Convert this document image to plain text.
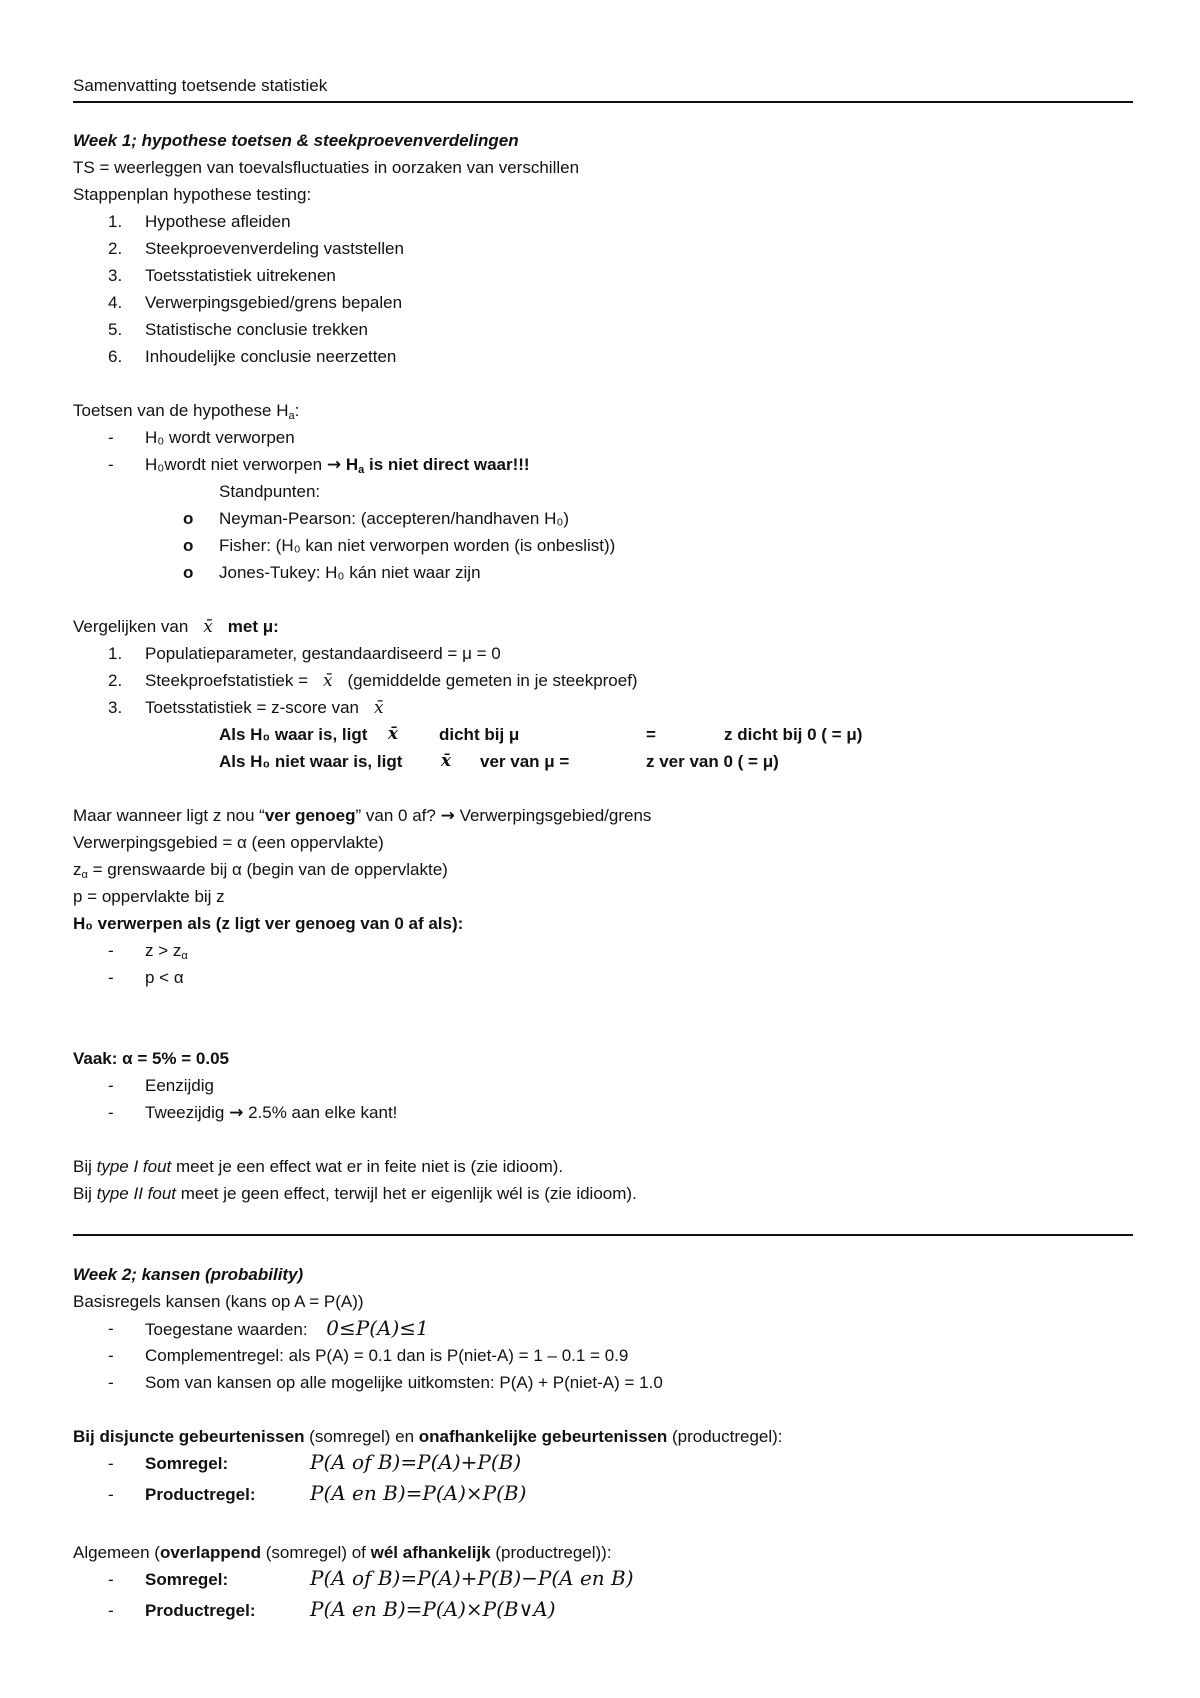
Samenvatting toetsende statistiek
Week 1; hypothese toetsen & steekproevenverdelingen
TS = weerleggen van toevalsfluctuaties in oorzaken van verschillen
Stappenplan hypothese testing:
1.	Hypothese afleiden
2.	Steekproevenverdeling vaststellen
3.	Toetsstatistiek uitrekenen
4.	Verwerpingsgebied/grens bepalen
5.	Statistische conclusie trekken
6.	Inhoudelijke conclusie neerzetten
Toetsen van de hypothese $H_a$:
- H₀ wordt verworpen
- H₀wordt niet verworpen → $H_a$ is niet direct waar!!!
Standpunten:
o Neyman-Pearson: (accepteren/handhaven H₀)
o Fisher: (H₀ kan niet verworpen worden (is onbeslist))
o Jones-Tukey: H₀ kán niet waar zijn
Vergelijken van x̄ met μ:
1.	Populatieparameter, gestandaardiseerd = μ = 0
2.	Steekproefstatistiek = x̄ (gemiddelde gemeten in je steekproef)
3.	Toetsstatistiek = z-score van x̄
Als H₀ waar is, ligt	x̄	dicht bij μ	=	z dicht bij 0 ( = μ)
Als H₀ niet waar is, ligt	x̄	ver van μ =	z ver van 0 ( = μ)
Maar wanneer ligt z nou “ver genoeg” van 0 af? → Verwerpingsgebied/grens
Verwerpingsgebied = α (een oppervlakte)
$z_\alpha$ = grenswaarde bij α (begin van de oppervlakte)
p = oppervlakte bij z
H₀ verwerpen als (z ligt ver genoeg van 0 af als):
- $z > z_\alpha$
- p < α
Vaak: α = 5% = 0.05
- Eenzijdig
- Tweezijdig → 2.5% aan elke kant!
Bij type I fout meet je een effect wat er in feite niet is (zie idioom).
Bij type II fout meet je geen effect, terwijl het er eigenlijk wél is (zie idioom).
Week 2; kansen (probability)
Basisregels kansen (kans op A = P(A))
- Toegestane waarden: 0≤P(A)≤1
- Complementregel: als P(A) = 0.1 dan is P(niet-A) = 1 – 0.1 = 0.9
- Som van kansen op alle mogelijke uitkomsten: P(A) + P(niet-A) = 1.0
Bij disjuncte gebeurtenissen (somregel) en onafhankelijke gebeurtenissen (productregel):
- Somregel:	P(A of B)=P(A)+P(B)
- Productregel:	P(A en B)=P(A)×P(B)
Algemeen (overlappend (somregel) of wél afhankelijk (productregel)):
- Somregel:	P(A of B)=P(A)+P(B)−P(A en B)
- Productregel:	P(A en B)=P(A)×P(B∨A)
